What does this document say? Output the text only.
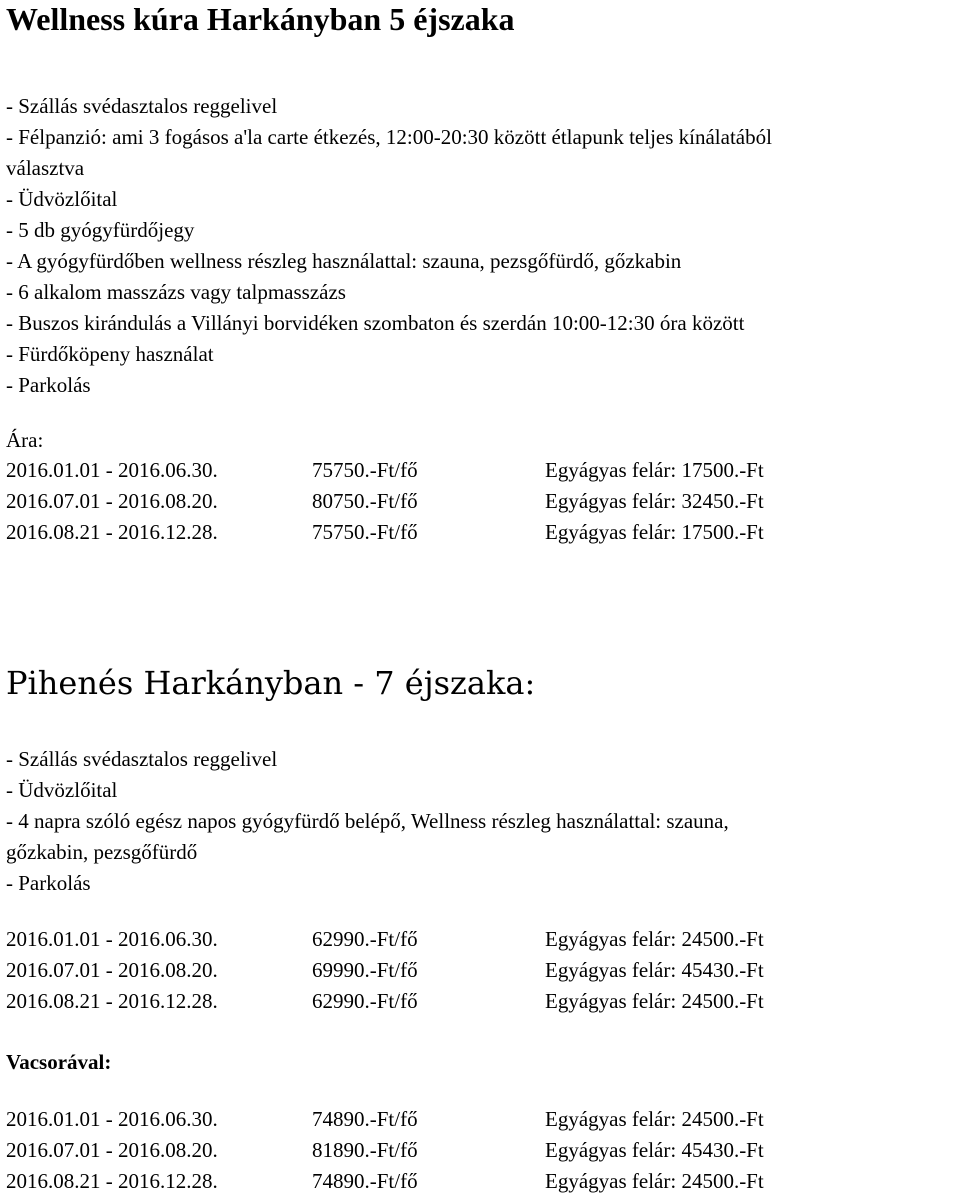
Wellness kúra Harkányban 5 éjszaka
- Szállás svédasztalos reggelivel
- Félpanzió: ami 3 fogásos a'la carte étkezés, 12:00-20:30 között étlapunk teljes kínálatából
választva
- Üdvözlőital
- 5 db gyógyfürdőjegy
- A gyógyfürdőben wellness részleg használattal: szauna, pezsgőfürdő, gőzkabin
- 6 alkalom masszázs vagy talpmasszázs
- Buszos kirándulás a Villányi borvidéken szombaton és szerdán 10:00-12:30 óra között
- Fürdőköpeny használat
- Parkolás
Ára:
2016.01.01 - 2016.06.30.	75750.-Ft/fő	Egyágyas felár: 17500.-Ft
2016.07.01 - 2016.08.20.	80750.-Ft/fő	Egyágyas felár: 32450.-Ft
2016.08.21 - 2016.12.28.	75750.-Ft/fő	Egyágyas felár: 17500.-Ft
Pihenés Harkányban - 7 éjszaka:
- Szállás svédasztalos reggelivel
- Üdvözlőital
- 4 napra szóló egész napos gyógyfürdő belépő, Wellness részleg használattal: szauna,
gőzkabin, pezsgőfürdő
- Parkolás
2016.01.01 - 2016.06.30.	62990.-Ft/fő	Egyágyas felár: 24500.-Ft
2016.07.01 - 2016.08.20.	69990.-Ft/fő	Egyágyas felár: 45430.-Ft
2016.08.21 - 2016.12.28.	62990.-Ft/fő	Egyágyas felár: 24500.-Ft
Vacsorával:
2016.01.01 - 2016.06.30.	74890.-Ft/fő	Egyágyas felár: 24500.-Ft
2016.07.01 - 2016.08.20.	81890.-Ft/fő	Egyágyas felár: 45430.-Ft
2016.08.21 - 2016.12.28.	74890.-Ft/fő	Egyágyas felár: 24500.-Ft
